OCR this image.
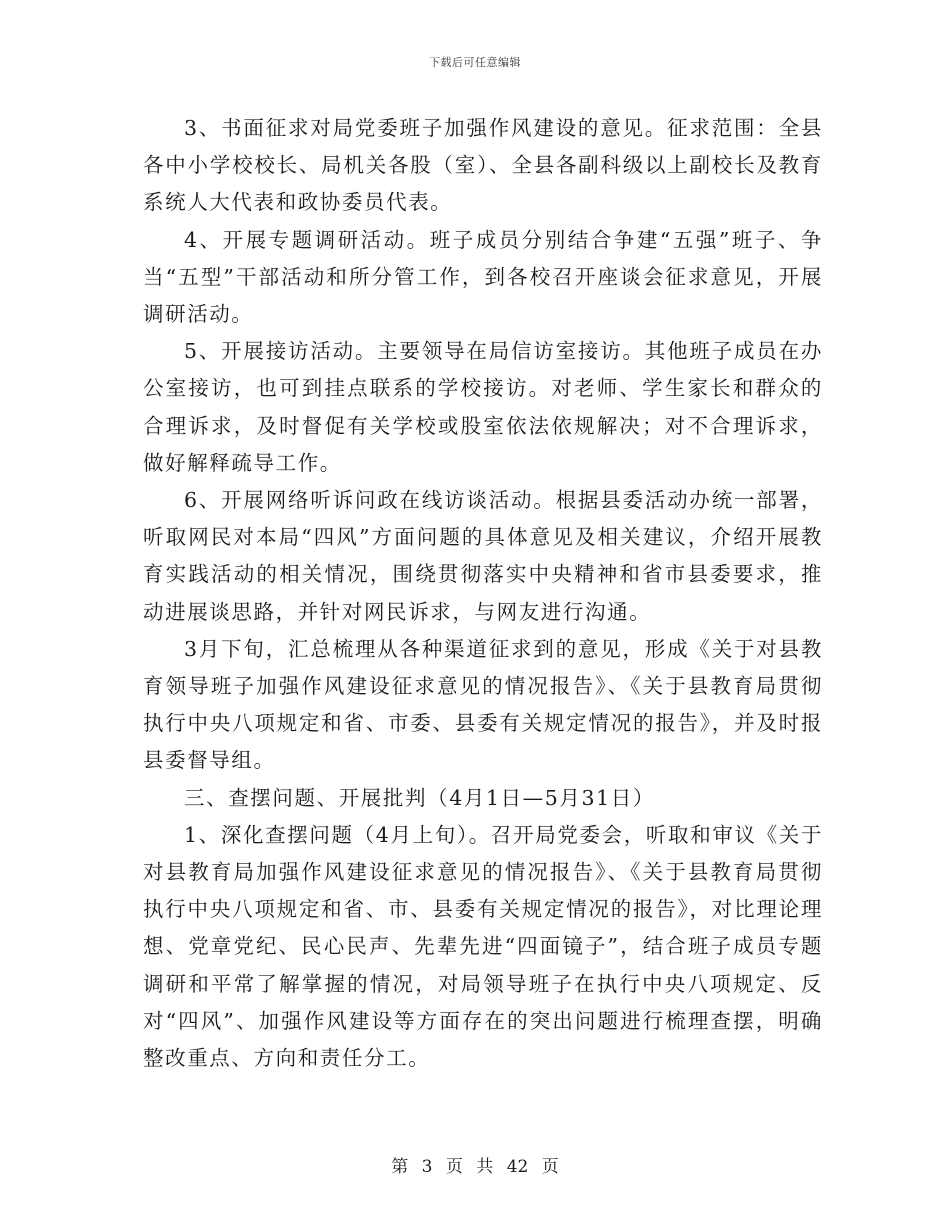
下载后可任意编辑

3、书面征求对局党委班子加强作风建设的意见。征求范围：全县各中小学校校长、局机关各股（室）、全县各副科级以上副校长及教育系统人大代表和政协委员代表。

4、开展专题调研活动。班子成员分别结合争建“五强”班子、争当“五型”干部活动和所分管工作，到各校召开座谈会征求意见，开展调研活动。

5、开展接访活动。主要领导在局信访室接访。其他班子成员在办公室接访，也可到挂点联系的学校接访。对老师、学生家长和群众的合理诉求，及时督促有关学校或股室依法依规解决；对不合理诉求，做好解释疏导工作。

6、开展网络听诉问政在线访谈活动。根据县委活动办统一部署，听取网民对本局“四风”方面问题的具体意见及相关建议，介绍开展教育实践活动的相关情况，围绕贯彻落实中央精神和省市县委要求，推动进展谈思路，并针对网民诉求，与网友进行沟通。

3月下旬，汇总梳理从各种渠道征求到的意见，形成《关于对县教育领导班子加强作风建设征求意见的情况报告》、《关于县教育局贯彻执行中央八项规定和省、市委、县委有关规定情况的报告》，并及时报县委督导组。

三、查摆问题、开展批判（4月1日—5月31日）

1、深化查摆问题（4月上旬）。召开局党委会，听取和审议《关于对县教育局加强作风建设征求意见的情况报告》、《关于县教育局贯彻执行中央八项规定和省、市、县委有关规定情况的报告》，对比理论理想、党章党纪、民心民声、先辈先进“四面镜子”，结合班子成员专题调研和平常了解掌握的情况，对局领导班子在执行中央八项规定、反对“四风”、加强作风建设等方面存在的突出问题进行梳理查摆，明确整改重点、方向和责任分工。

第 3 页 共 42 页
